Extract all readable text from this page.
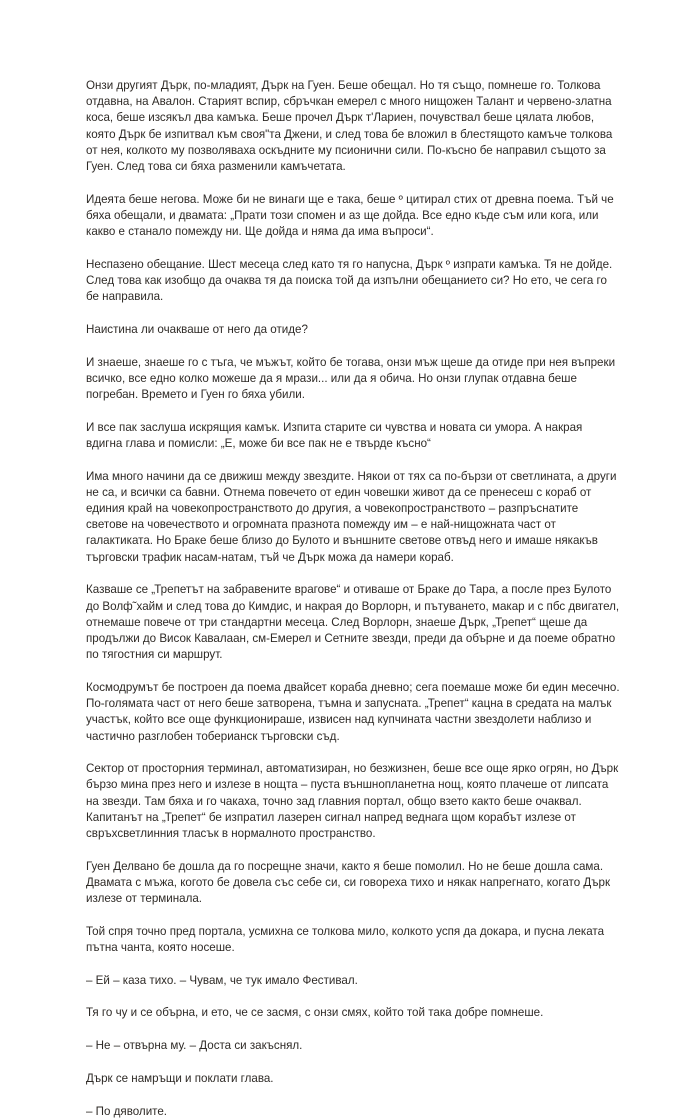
Онзи другият Дърк, по-младият, Дърк на Гуен. Беше обещал. Но тя също, помнеше го. Толкова отдавна, на Авалон. Старият вспир, сбръчкан емерел с много нищожен Талант и червено-златна коса, беше изсякъл два камъка. Беше прочел Дърк т'Лариен, почувствал беше цялата любов, която Дърк бе изпитвал към своя"та Джени, и след това бе вложил в блестящото камъче толкова от нея, колкото му позволяваха оскъдните му псионични сили. По-късно бе направил същото за Гуен. След това си бяха разменили камъчетата.

Идеята беше негова. Може би не винаги ще е така, беше º цитирал стих от древна поема. Тъй че бяха обещали, и двамата: „Прати този спомен и аз ще дойда. Все едно къде съм или кога, или какво е станало помежду ни. Ще дойда и няма да има въпроси“.

Неспазено обещание. Шест месеца след като тя го напусна, Дърк º изпрати камъка. Тя не дойде. След това как изобщо да очаква тя да поиска той да изпълни обещанието си? Но ето, че сега го бе направила.

Наистина ли очакваше от него да отиде?

И знаеше, знаеше го с тъга, че мъжът, който бе тогава, онзи мъж щеше да отиде при нея въпреки всичко, все едно колко можеше да я мрази... или да я обича. Но онзи глупак отдавна беше погребан. Времето и Гуен го бяха убили.

И все пак заслуша искрящия камък. Изпита старите си чувства и новата си умора. А накрая вдигна глава и помисли: „Е, може би все пак не е твърде късно“

Има много начини да се движиш между звездите. Някои от тях са по-бързи от светлината, а други не са, и всички са бавни. Отнема повечето от един човешки живот да се пренесеш с кораб от единия край на човекопространството до другия, а човекопространството – разпръснатите светове на човечеството и огромната празнота помежду им – е най-нищожната част от галактиката. Но Браке беше близо до Булото и външните светове отвъд него и имаше някакъв търговски трафик насам-натам, тъй че Дърк можа да намери кораб.

Казваше се „Трепетът на забравените врагове“ и отиваше от Браке до Тара, а после през Булото до Волф˜хайм и след това до Кимдис, и накрая до Ворлорн, и пътуването, макар и с пбс двигател, отнемаше повече от три стандартни месеца. След Ворлорн, знаеше Дърк, „Трепет“ щеше да продължи до Висок Кавалаан, см-Емерел и Сетните звезди, преди да обърне и да поеме обратно по тягостния си маршрут.

Космодрумът бе построен да поема двайсет кораба дневно; сега поемаше може би един месечно. По-голямата част от него беше затворена, тъмна и запусната. „Трепет“ кацна в средата на малък участък, който все още функционираше, извисен над купчината частни звездолети наблизо и частично разглобен тоберианск търговски съд.

Сектор от просторния терминал, автоматизиран, но безжизнен, беше все още ярко огрян, но Дърк бързо мина през него и излезе в нощта – пуста външнопланетна нощ, която плачеше от липсата на звезди. Там бяха и го чакаха, точно зад главния портал, общо взето както беше очаквал. Капитанът на „Трепет“ бе изпратил лазерен сигнал напред веднага щом корабът излезе от свръхсветлинния тласък в нормалното пространство.

Гуен Делвано бе дошла да го посрещне значи, както я беше помолил. Но не беше дошла сама. Двамата с мъжа, когото бе довела със себе си, си говореха тихо и някак напрегнато, когато Дърк излезе от терминала.

Той спря точно пред портала, усмихна се толкова мило, колкото успя да докара, и пусна леката пътна чанта, която носеше.

– Ей – каза тихо. – Чувам, че тук имало Фестивал.

Тя го чу и се обърна, и ето, че се засмя, с онзи смях, който той така добре помнеше.

– Не – отвърна му. – Доста си закъснял.

Дърк се намръщи и поклати глава.

– По дяволите.
